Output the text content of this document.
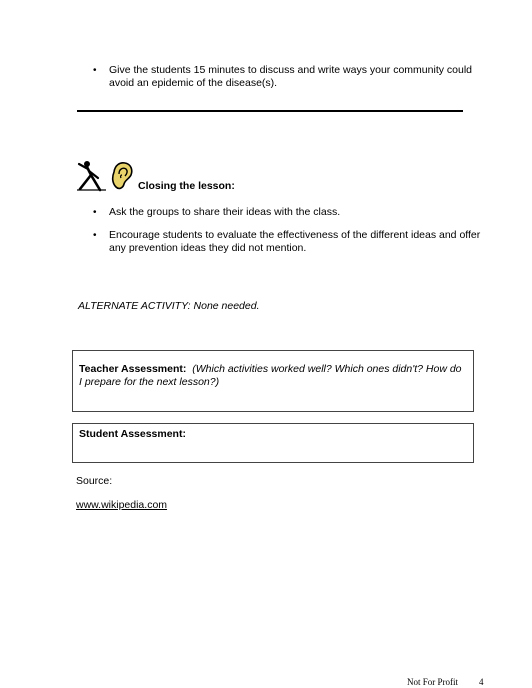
• Give the students 15 minutes to discuss and write ways your community could avoid an epidemic of the disease(s).
Closing the lesson:
• Ask the groups to share their ideas with the class.
• Encourage students to evaluate the effectiveness of the different ideas and offer any prevention ideas they did not mention.
ALTERNATE ACTIVITY: None needed.
Teacher Assessment: (Which activities worked well? Which ones didn't? How do I prepare for the next lesson?)
Student Assessment:
Source:
www.wikipedia.com
Not For Profit 4
